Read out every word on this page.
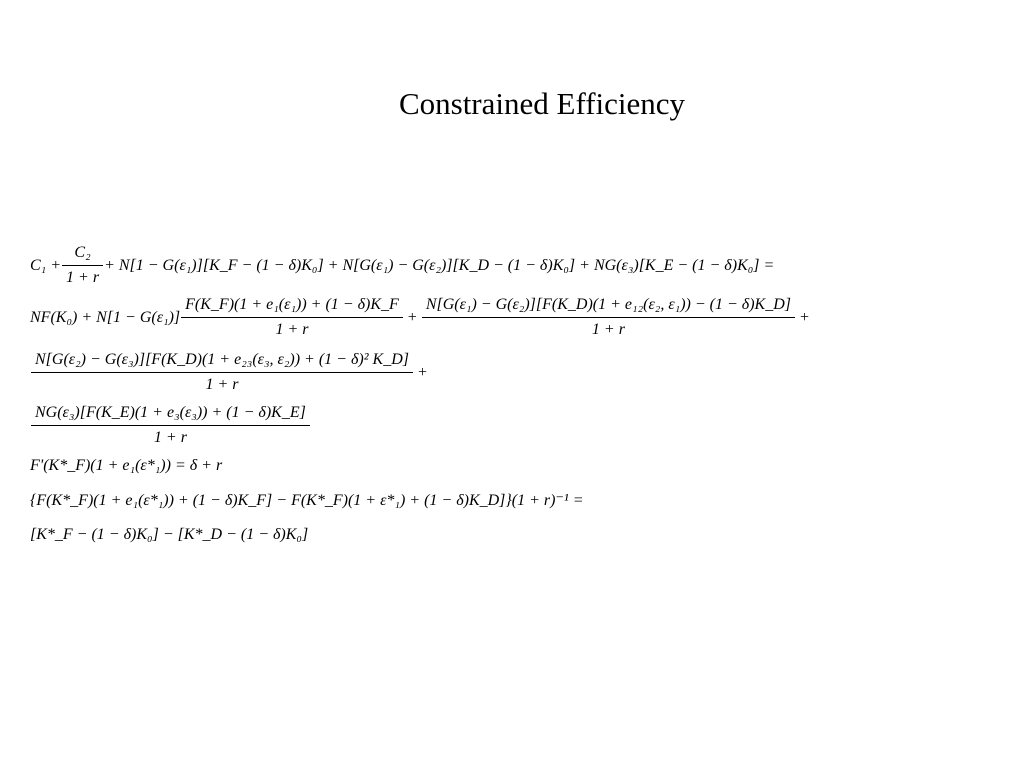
Constrained Efficiency
$C_1 + \frac{\text{C₂}}{1 + r} + N[1$ − G(ε₁)][K_F − (1 − δ)K₀] + N[G(ε₁) − G(ε₂)][K_D − (1 − δ)K₀] + NG(ε₃)[K_E − (1 − δ)K₀] =
$NF(K_0) + N[1 - G(\varepsilon_1)] \frac{\text{F(K\_F)(1 + e₁(ε₁)) + (1 − δ)K\_F}}{1 + r} + \frac{\text{N[G(ε₁) − G(ε₂)][F(K\_D)(1 + e₁₂(ε₂, ε₁)) − (1 − δ)K\_D]}}{1 + r}$ +
$\frac{\text{N[G(ε₂) − G(ε₃)][F(K\_D)(1 + e₂₃(ε₃, ε₂)) + (1 − δ)² K\_D]}}{1 + r}$ +
$\frac{\text{NG(ε₃)[F(K\_E)(1 + e₃(ε₃)) + (1 − δ)K\_E]}}{1 + r}$
F'(K*_F)(1 + e₁(ε*₁)) = δ + r
{F(K*_F)(1 + e₁(ε*₁)) + (1 − δ)K_F] − F(K*_F)(1 + ε*₁) + (1 − δ)K_D]}(1 + r)⁻¹ =
[K*_F − (1 − δ)K₀] − [K*_D − (1 − δ)K₀]
